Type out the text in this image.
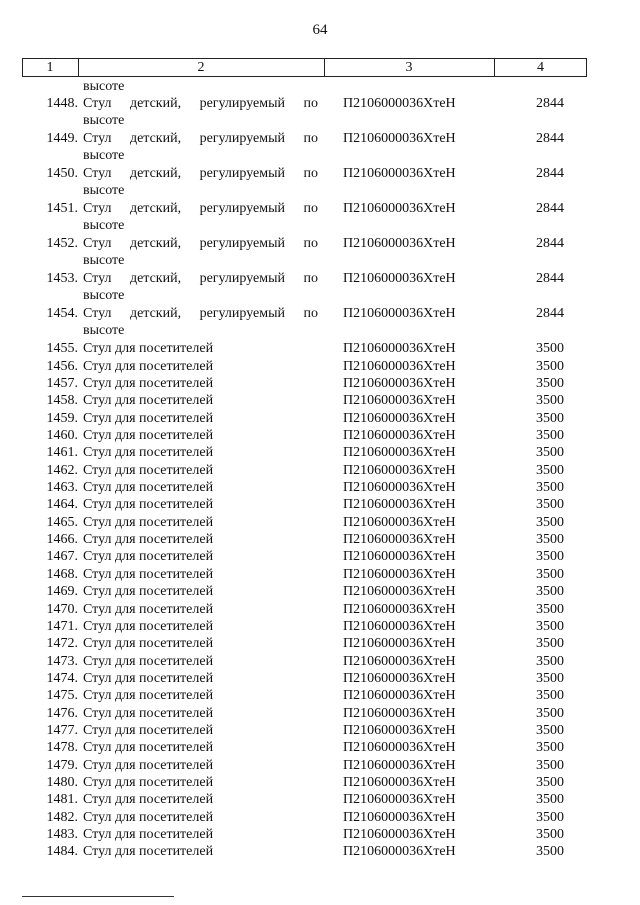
64
1	2	3	4
высоте
1448. Стул детский, регулируемый по П2106000036ХтеН	2844
высоте
1449. Стул детский, регулируемый по П2106000036ХтеН	2844
высоте
1450. Стул детский, регулируемый по П2106000036ХтеН	2844
высоте
1451. Стул детский, регулируемый по П2106000036ХтеН	2844
высоте
1452. Стул детский, регулируемый по П2106000036ХтеН	2844
высоте
1453. Стул детский, регулируемый по П2106000036ХтеН	2844
высоте
1454. Стул детский, регулируемый по П2106000036ХтеН	2844
высоте
1455. Стул для посетителей	П2106000036ХтеН	3500
1456. Стул для посетителей	П2106000036ХтеН	3500
1457. Стул для посетителей	П2106000036ХтеН	3500
1458. Стул для посетителей	П2106000036ХтеН	3500
1459. Стул для посетителей	П2106000036ХтеН	3500
1460. Стул для посетителей	П2106000036ХтеН	3500
1461. Стул для посетителей	П2106000036ХтеН	3500
1462. Стул для посетителей	П2106000036ХтеН	3500
1463. Стул для посетителей	П2106000036ХтеН	3500
1464. Стул для посетителей	П2106000036ХтеН	3500
1465. Стул для посетителей	П2106000036ХтеН	3500
1466. Стул для посетителей	П2106000036ХтеН	3500
1467. Стул для посетителей	П2106000036ХтеН	3500
1468. Стул для посетителей	П2106000036ХтеН	3500
1469. Стул для посетителей	П2106000036ХтеН	3500
1470. Стул для посетителей	П2106000036ХтеН	3500
1471. Стул для посетителей	П2106000036ХтеН	3500
1472. Стул для посетителей	П2106000036ХтеН	3500
1473. Стул для посетителей	П2106000036ХтеН	3500
1474. Стул для посетителей	П2106000036ХтеН	3500
1475. Стул для посетителей	П2106000036ХтеН	3500
1476. Стул для посетителей	П2106000036ХтеН	3500
1477. Стул для посетителей	П2106000036ХтеН	3500
1478. Стул для посетителей	П2106000036ХтеН	3500
1479. Стул для посетителей	П2106000036ХтеН	3500
1480. Стул для посетителей	П2106000036ХтеН	3500
1481. Стул для посетителей	П2106000036ХтеН	3500
1482. Стул для посетителей	П2106000036ХтеН	3500
1483. Стул для посетителей	П2106000036ХтеН	3500
1484. Стул для посетителей	П2106000036ХтеН	3500
